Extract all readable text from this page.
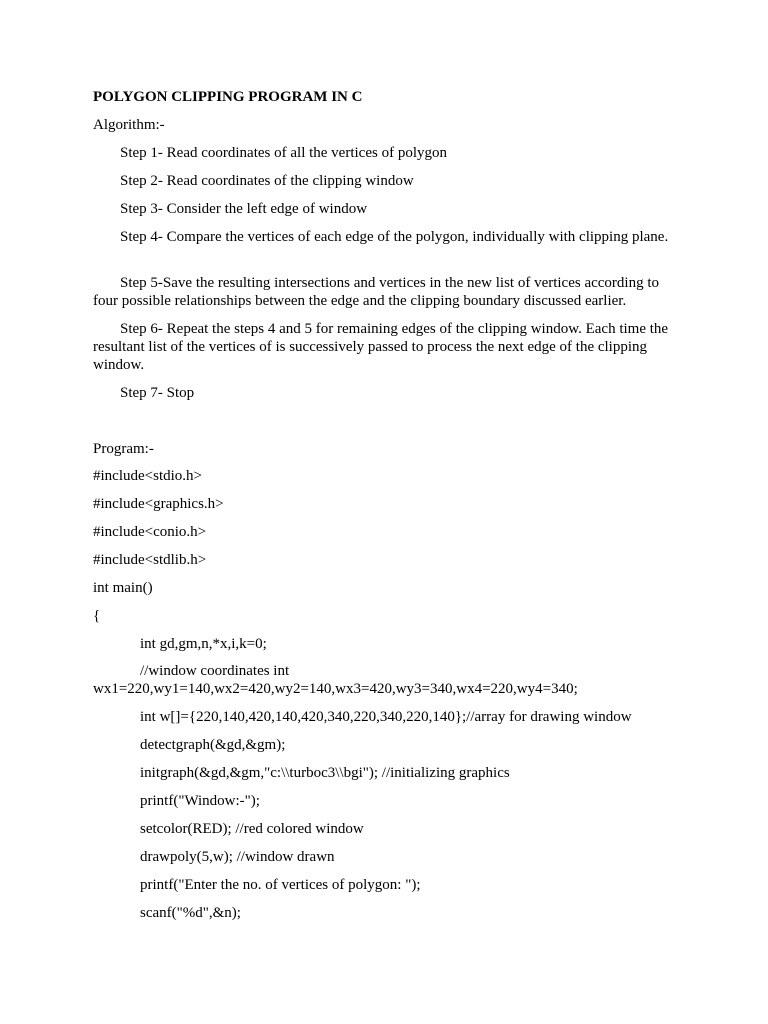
POLYGON CLIPPING PROGRAM IN C
Algorithm:-
Step 1- Read coordinates of all the vertices of polygon
Step 2- Read coordinates of the clipping window
Step 3- Consider the left edge of window
Step 4- Compare the vertices of each edge of the polygon, individually with clipping plane.
Step 5-Save the resulting intersections and vertices in the new list of vertices according to four possible relationships between the edge and the clipping boundary discussed earlier.
Step 6- Repeat the steps 4 and 5 for remaining edges of the clipping window. Each time the resultant list of the vertices of is successively passed to process the next edge of the clipping window.
Step 7- Stop
Program:-
#include<stdio.h>
#include<graphics.h>
#include<conio.h>
#include<stdlib.h>
int main()
{
int gd,gm,n,*x,i,k=0;
//window coordinates int wx1=220,wy1=140,wx2=420,wy2=140,wx3=420,wy3=340,wx4=220,wy4=340;
int w[]={220,140,420,140,420,340,220,340,220,140};//array for drawing window
detectgraph(&gd,&gm);
initgraph(&gd,&gm,"c:\\turboc3\\bgi"); //initializing graphics
printf("Window:-");
setcolor(RED); //red colored window
drawpoly(5,w); //window drawn
printf("Enter the no. of vertices of polygon: ");
scanf("%d",&n);
